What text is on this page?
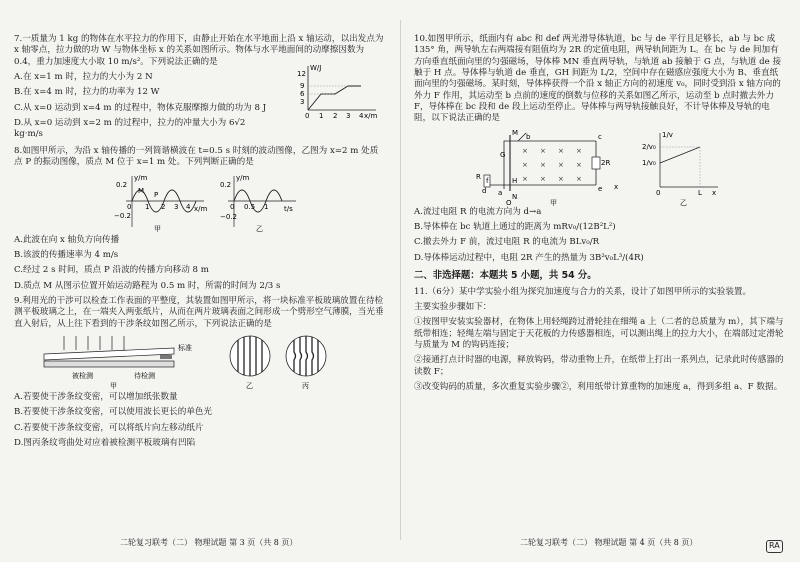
7.一质量为 1 kg 的物体在水平拉力的作用下，由静止开始在水平地面上沿 x 轴运动，以出发点为 x 轴零点，拉力做的功 W 与物体坐标 x 的关系如图所示。物体与水平地面间的动摩擦因数为 0.4，重力加速度大小取 10 m/s²。下列说法正确的是

A.在 x=1 m 时，拉力的大小为 2 N
B.在 x=4 m 时，拉力的功率为 12 W
C.从 x=0 运动到 x=4 m 的过程中，物体克服摩擦力做的功为 8 J
D.从 x=0 运动到 x=2 m 的过程中，拉力的冲量大小为 6√2 kg·m/s
W/J
x/m
12
9
6
3
0 1 2 3 4

8.如图甲所示，为沿 x 轴传播的一列简谐横波在 t=0.5 s 时刻的波动图像，乙图为 x=2 m 处质点 P 的振动图像，质点 M 位于 x=1 m 处。下列判断正确的是

y/m
x/m
0.2
−0.2
0 1 2 3 4
M P
甲
y/m
t/s
0.2
−0.2
0 0.5 1
乙
A.此波在向 x 轴负方向传播
B.该波的传播速率为 4 m/s
C.经过 2 s 时间，质点 P 沿波的传播方向移动 8 m
D.质点 M 从图示位置开始运动路程为 0.5 m 时，所需的时间为 2/3 s

9.利用光的干涉可以检查工作表面的平整度，其装置如图甲所示，将一块标准平板玻璃放置在待检测平板玻璃之上，在一端夹入两张纸片，从而在两片玻璃表面之间形成一个劈形空气薄膜，当光垂直入射后，从上往下看到的干涉条纹如图乙所示，下列说法正确的是

标准
被检测	待检测
甲	乙	丙
A.若要使干涉条纹变密，可以增加纸张数量
B.若要使干涉条纹变密，可以使用波长更长的单色光
C.若要使干涉条纹变密，可以将纸片向左移动纸片
D.图丙条纹弯曲处对应着被检测平板玻璃有凹陷
二轮复习联考（二） 物理试题 第 3 页（共 8 页）

10.如图甲所示，纸面内有 abc 和 def 两光滑导体轨道，bc 与 de 平行且足够长，ab 与 bc 成 135° 角，两导轨左右两端接有阻值均为 2R 的定值电阻，两导轨间距为 L。在 bc 与 de 间加有方向垂直纸面向里的匀强磁场，导体棒 MN 垂直两导轨，与轨道 ab 接触于 G 点，与轨道 de 接触于 H 点。导体棒与轨道 de 垂直，GH 间距为 L/2，空间中存在磁感应强度大小为 B、垂直纸面向里的匀强磁场。某时刻，导体棒获得一个沿 x 轴正方向的初速度 v₀，同时受到沿 x 轴方向的外力 F 作用，其运动至 b 点前的速度的倒数与位移的关系如图乙所示，运动至 b 点时撤去外力 F，导体棒在 bc 段和 de 段上运动至停止。导体棒与两导轨接触良好，不计导体棒及导轨的电阻，以下说法正确的是

× × × ×
× × × ×
× × × ×
M
a
b	c
G
H
d	e
f
N
2R
R
O
x
甲
1/v
x
2/v₀
1/v₀
0	L
乙
A.流过电阻 R 的电流方向为 d→a
B.导体棒在 bc 轨道上通过的距离为 mRv₀/(12B²L²)
C.撤去外力 F 前，流过电阻 R 的电流为 BLv₀/R
D.导体棒运动过程中，电阻 2R 产生的热量为 3B²v₀L³/(4R)
二、非选择题：本题共 5 小题，共 54 分。

11.（6分）某中学实验小组为探究加速度与合力的关系，设计了如图甲所示的实验装置。

主要实验步骤如下：

①按图甲安装实验器材，在物体上用轻绳跨过滑轮挂在细绳 a 上（二者的总质量为 m），其下端与纸带相连；轻绳左端与固定于天花板的力传感器相连，可以测出绳上的拉力大小，在端部过定滑轮与质量为 M 的钩码连接；

②接通打点计时器的电源，释放钩码，带动重物上升，在纸带上打出一系列点，记录此时传感器的读数 F；

③改变钩码的质量，多次重复实验步骤②，利用纸带计算重物的加速度 a，得到多组 a、F 数据。

二轮复习联考（二） 物理试题 第 4 页（共 8 页）	RA
